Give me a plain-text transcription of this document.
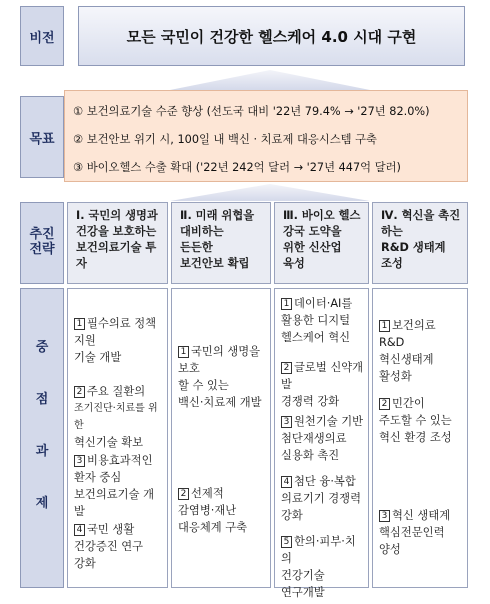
비전
목표
추진
전략
중
점
과
제
모든 국민이 건강한 헬스케어 4.0 시대 구현
① 보건의료기술 수준 향상 (선도국 대비 '22년 79.4% → '27년 82.0%)
② 보건안보 위기 시, 100일 내 백신 · 치료제 대응시스템 구축
③ 바이오헬스 수출 확대 ('22년 242억 달러 → '27년 447억 달러)
Ⅰ. 국민의 생명과
건강을 보호하는
보건의료기술 투자
Ⅱ. 미래 위협을
대비하는
든든한
보건안보 확립
Ⅲ. 바이오 헬스
강국 도약을
위한 신산업
육성
Ⅳ. 혁신을 촉진하는
R&D 생태계
조성
1 필수의료 정책지원
기술 개발
2 주요 질환의
조기진단·치료를 위한
혁신기술 확보
3 비용효과적인
환자 중심
보건의료기술 개발
4 국민 생활
건강증진 연구
강화
1 국민의 생명을 보호
할 수 있는
백신·치료제 개발
2 선제적
감염병·재난
대응체계 구축
1 데이터·AI를
활용한 디지털
헬스케어 혁신
2 글로벌 신약개발
경쟁력 강화
3 원천기술 기반
첨단재생의료
실용화 촉진
4 첨단 융·복합
의료기기 경쟁력
강화
5 한의·피부·치의
건강기술
연구개발
1 보건의료 R&D
혁신생태계
활성화
2 민간이
주도할 수 있는
혁신 환경 조성
3 혁신 생태계
핵심전문인력
양성
